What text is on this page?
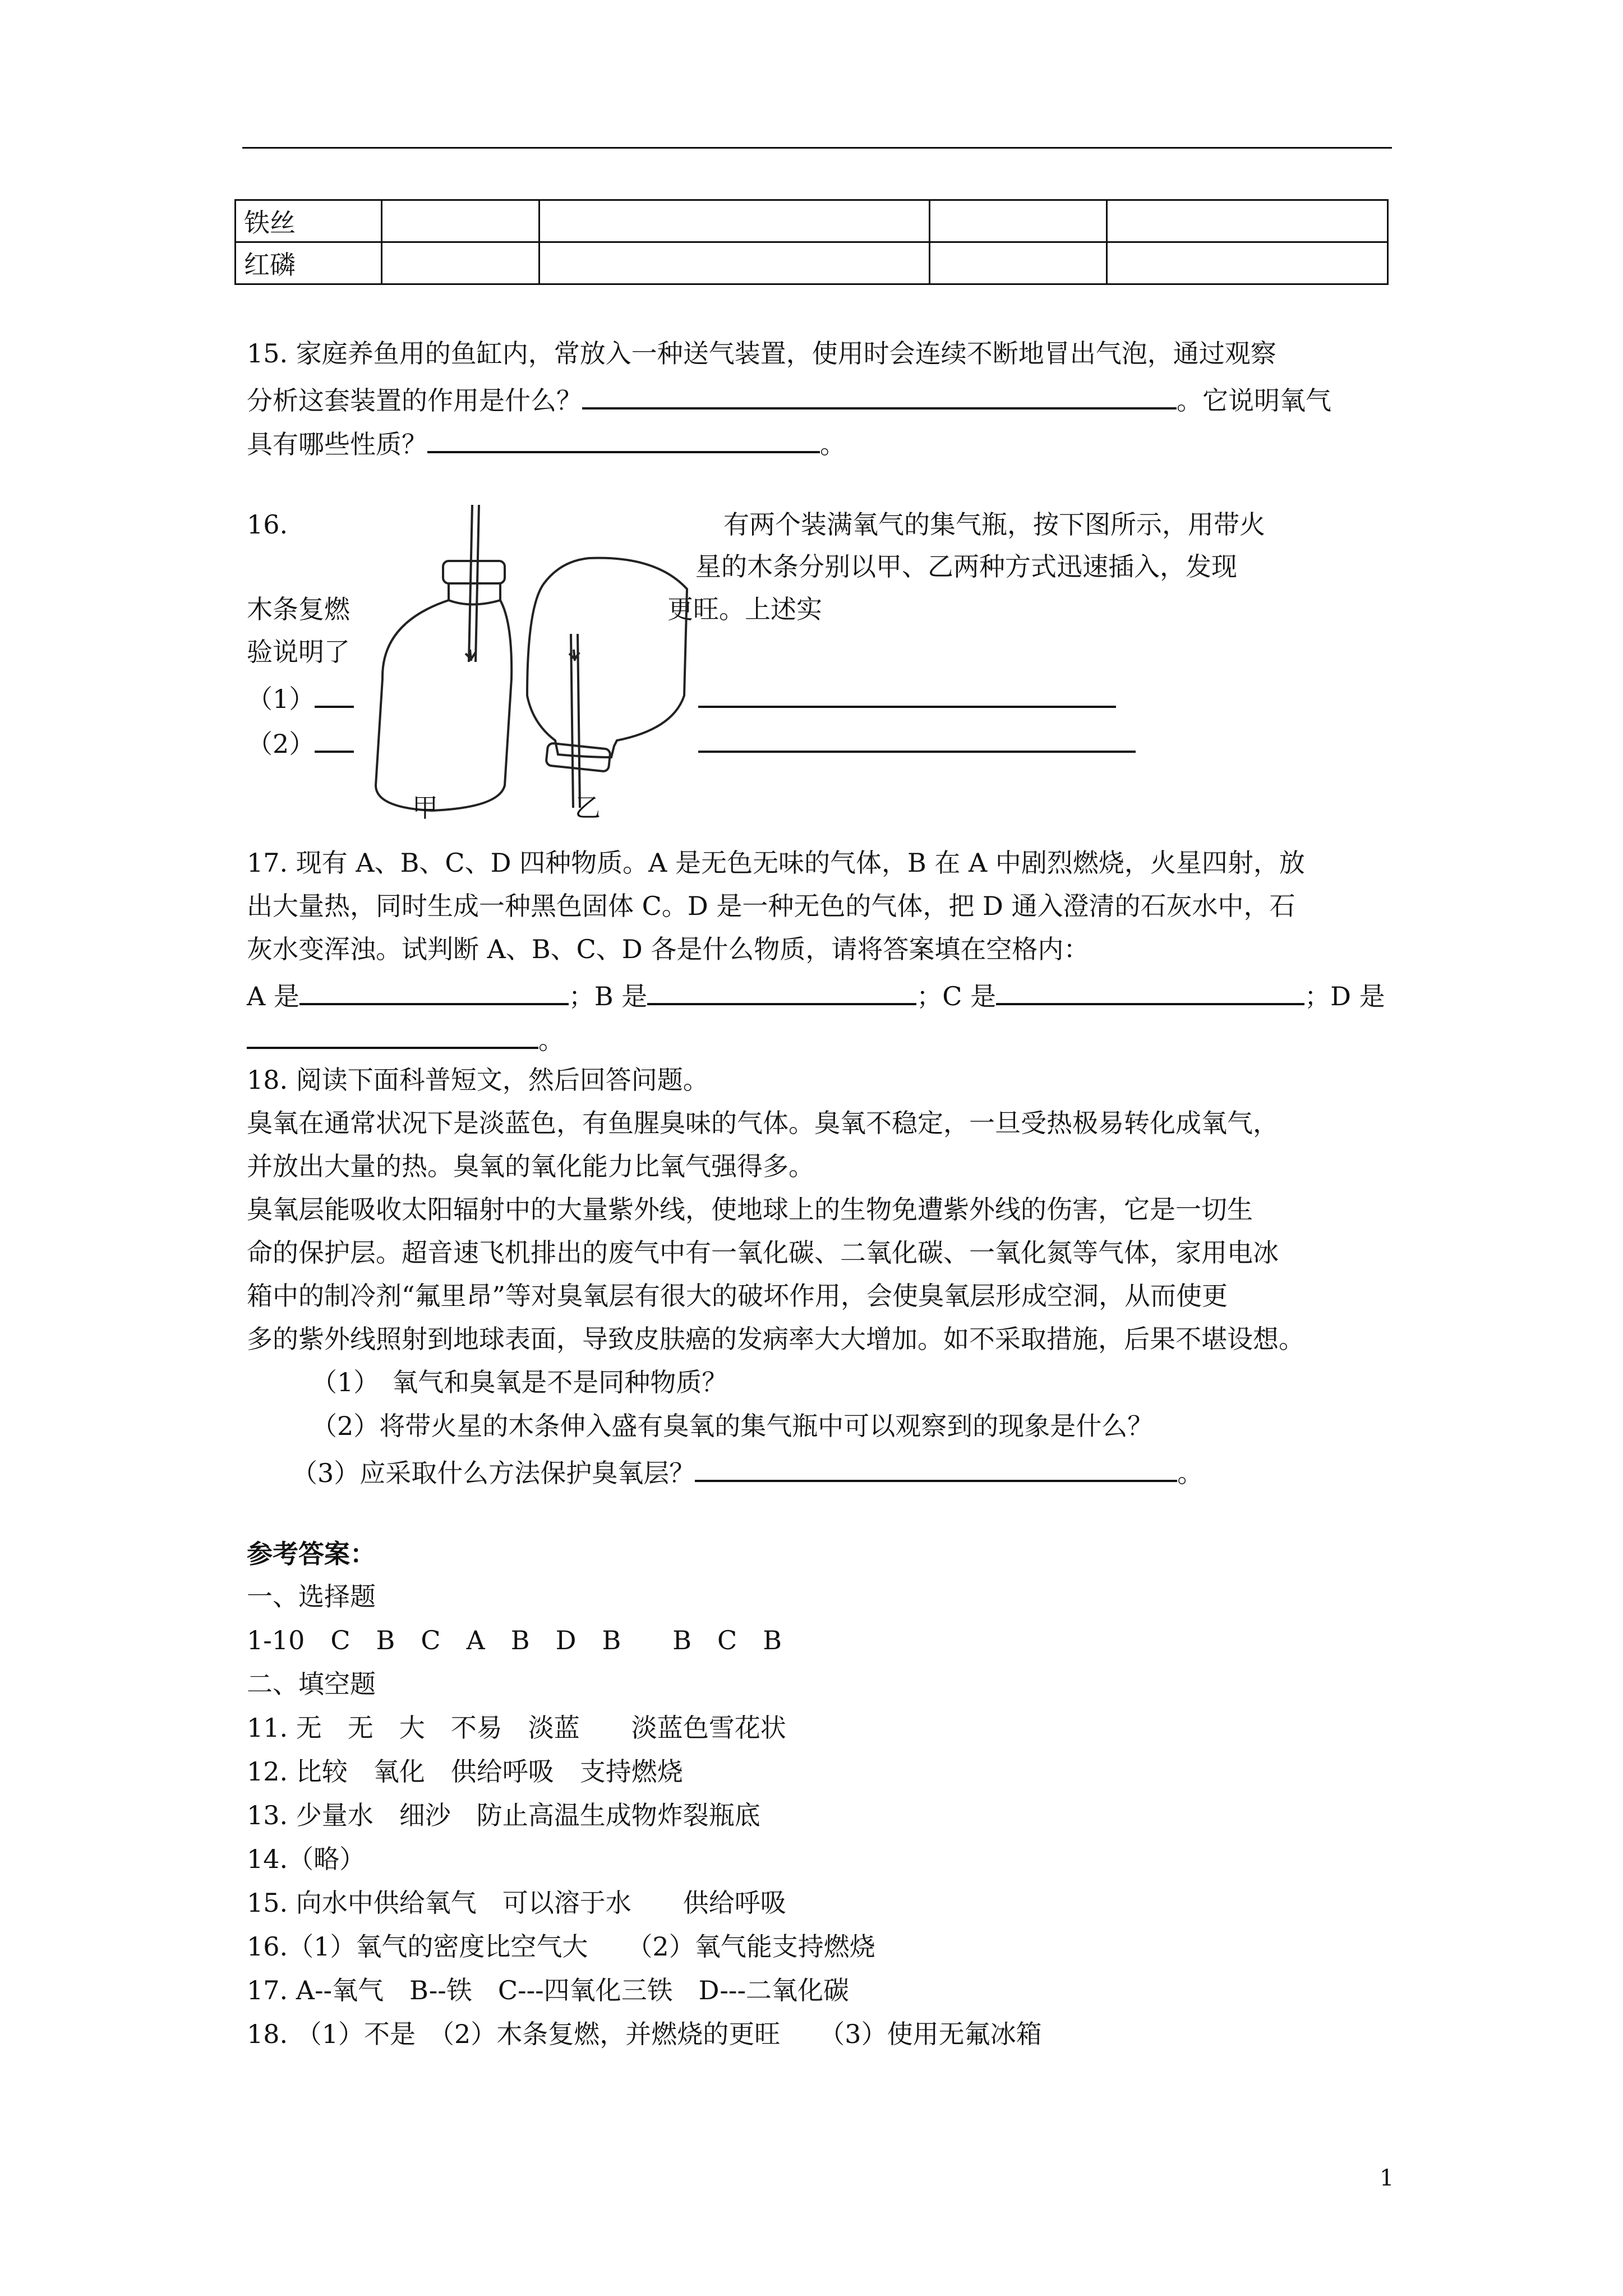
铁丝				
红磷				
15. 家庭养鱼用的鱼缸内，常放入一种送气装置，使用时会连续不断地冒出气泡，通过观察
分析这套装置的作用是什么？	。它说明氧气
具有哪些性质？	。
16.	有两个装满氧气的集气瓶，按下图所示，用带火
星的木条分别以甲、乙两种方式迅速插入，发现
木条复燃	更旺。上述实
验说明了
（1）
（2）
甲	乙
17. 现有 A、B、C、D 四种物质。A 是无色无味的气体，B 在 A 中剧烈燃烧，火星四射，放
出大量热，同时生成一种黑色固体 C。D 是一种无色的气体，把 D 通入澄清的石灰水中，石
灰水变浑浊。试判断 A、B、C、D 各是什么物质，请将答案填在空格内：
A 是	；B 是	；C 是	；D 是
。
18. 阅读下面科普短文，然后回答问题。
臭氧在通常状况下是淡蓝色，有鱼腥臭味的气体。臭氧不稳定，一旦受热极易转化成氧气，
并放出大量的热。臭氧的氧化能力比氧气强得多。
臭氧层能吸收太阳辐射中的大量紫外线，使地球上的生物免遭紫外线的伤害，它是一切生
命的保护层。超音速飞机排出的废气中有一氧化碳、二氧化碳、一氧化氮等气体，家用电冰
箱中的制冷剂“氟里昂”等对臭氧层有很大的破坏作用，会使臭氧层形成空洞，从而使更
多的紫外线照射到地球表面，导致皮肤癌的发病率大大增加。如不采取措施，后果不堪设想。
（1）　氧气和臭氧是不是同种物质？
（2）将带火星的木条伸入盛有臭氧的集气瓶中可以观察到的现象是什么？
（3）应采取什么方法保护臭氧层？	。
参考答案：
一、选择题
1-10　C　B　C　A　B　D　B　　B　C　B
二、填空题
11. 无　无　大　不易　淡蓝　　淡蓝色雪花状
12. 比较　氧化　供给呼吸　支持燃烧
13. 少量水　细沙　防止高温生成物炸裂瓶底
14.（略）
15. 向水中供给氧气　可以溶于水　　供给呼吸
16.（1）氧气的密度比空气大　　（2）氧气能支持燃烧
17. A--氧气　B--铁　C---四氧化三铁　D---二氧化碳
18. （1）不是　（2）木条复燃，并燃烧的更旺　　（3）使用无氟冰箱
1
